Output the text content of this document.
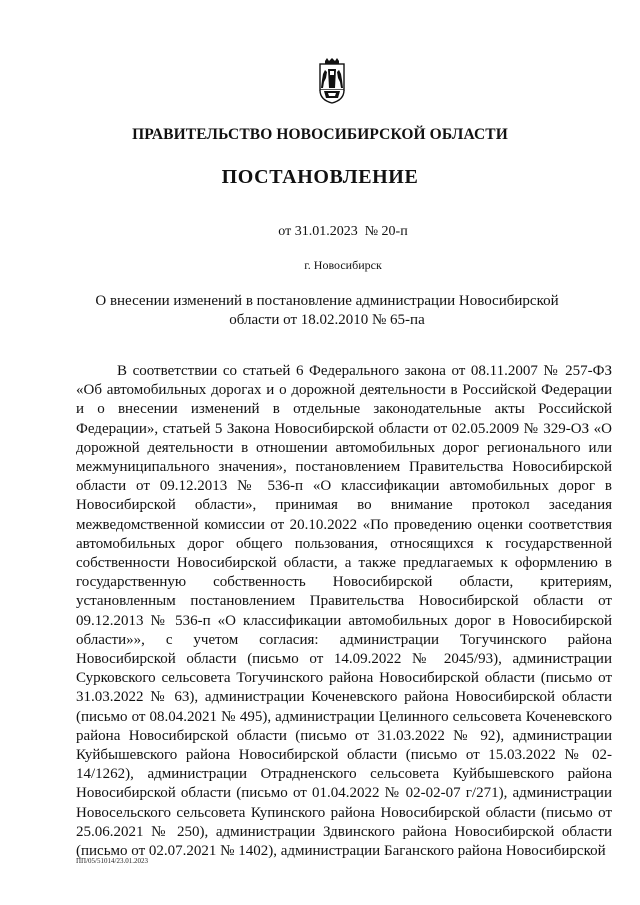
ПРАВИТЕЛЬСТВО НОВОСИБИРСКОЙ ОБЛАСТИ
ПОСТАНОВЛЕНИЕ
от 31.01.2023  № 20-п
г. Новосибирск
О внесении изменений в постановление администрации Новосибирской области от 18.02.2010 № 65-па
В соответствии со статьей 6 Федерального закона от 08.11.2007 № 257-ФЗ «Об автомобильных дорогах и о дорожной деятельности в Российской Федерации и о внесении изменений в отдельные законодательные акты Российской Федерации», статьей 5 Закона Новосибирской области от 02.05.2009 № 329-ОЗ «О дорожной деятельности в отношении автомобильных дорог регионального или межмуниципального значения», постановлением Правительства Новосибирской области от 09.12.2013 № 536-п «О классификации автомобильных дорог в Новосибирской области», принимая во внимание протокол заседания межведомственной комиссии от 20.10.2022 «По проведению оценки соответствия автомобильных дорог общего пользования, относящихся к государственной собственности Новосибирской области, а также предлагаемых к оформлению в государственную собственность Новосибирской области, критериям, установленным постановлением Правительства Новосибирской области от 09.12.2013 № 536-п «О классификации автомобильных дорог в Новосибирской области»», с учетом согласия: администрации Тогучинского района Новосибирской области (письмо от 14.09.2022 № 2045/93), администрации Сурковского сельсовета Тогучинского района Новосибирской области (письмо от 31.03.2022 № 63), администрации Коченевского района Новосибирской области (письмо от 08.04.2021 № 495), администрации Целинного сельсовета Коченевского района Новосибирской области (письмо от 31.03.2022 № 92), администрации Куйбышевского района Новосибирской области (письмо от 15.03.2022 № 02-14/1262), администрации Отрадненского сельсовета Куйбышевского района Новосибирской области (письмо от 01.04.2022 № 02-02-07 г/271), администрации Новосельского сельсовета Купинского района Новосибирской области (письмо от 25.06.2021 № 250), администрации Здвинского района Новосибирской области (письмо от 02.07.2021 № 1402), администрации Баганского района Новосибирской
ПП/05/51014/23.01.2023
